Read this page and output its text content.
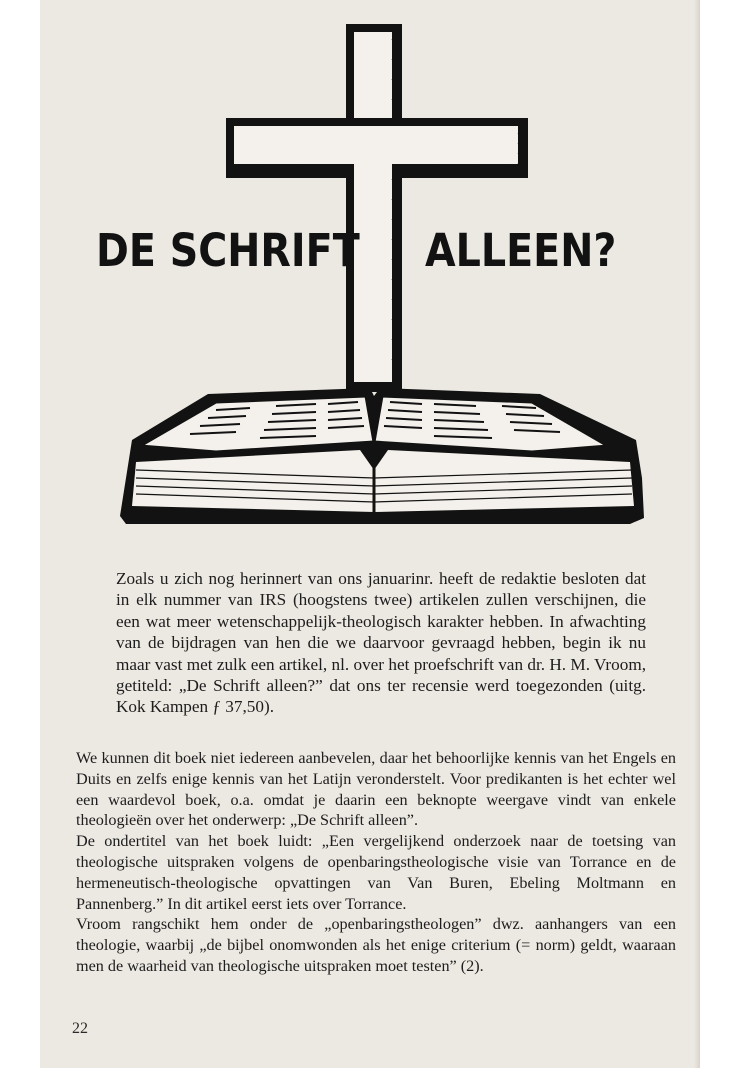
DE SCHRIFT ALLEEN?
Zoals u zich nog herinnert van ons januarinr. heeft de redaktie besloten dat in elk nummer van IRS (hoogstens twee) artikelen zullen verschijnen, die een wat meer wetenschappelijk-theologisch karakter hebben. In afwachting van de bijdragen van hen die we daarvoor gevraagd hebben, begin ik nu maar vast met zulk een artikel, nl. over het proefschrift van dr. H. M. Vroom, getiteld: „De Schrift alleen?” dat ons ter recensie werd toegezonden (uitg. Kok Kampen ƒ 37,50).

We kunnen dit boek niet iedereen aanbevelen, daar het behoorlijke kennis van het Engels en Duits en zelfs enige kennis van het Latijn veronderstelt. Voor predikanten is het echter wel een waardevol boek, o.a. omdat je daarin een beknopte weergave vindt van enkele theologieën over het onderwerp: „De Schrift alleen”.

De ondertitel van het boek luidt: „Een vergelijkend onderzoek naar de toetsing van theologische uitspraken volgens de openbaringstheologische visie van Torrance en de hermeneutisch-theologische opvattingen van Van Buren, Ebeling Moltmann en Pannenberg.” In dit artikel eerst iets over Torrance.

Vroom rangschikt hem onder de „openbaringstheologen” dwz. aanhangers van een theologie, waarbij „de bijbel onomwonden als het enige criterium (= norm) geldt, waaraan men de waarheid van theologische uitspraken moet testen” (2).

22
